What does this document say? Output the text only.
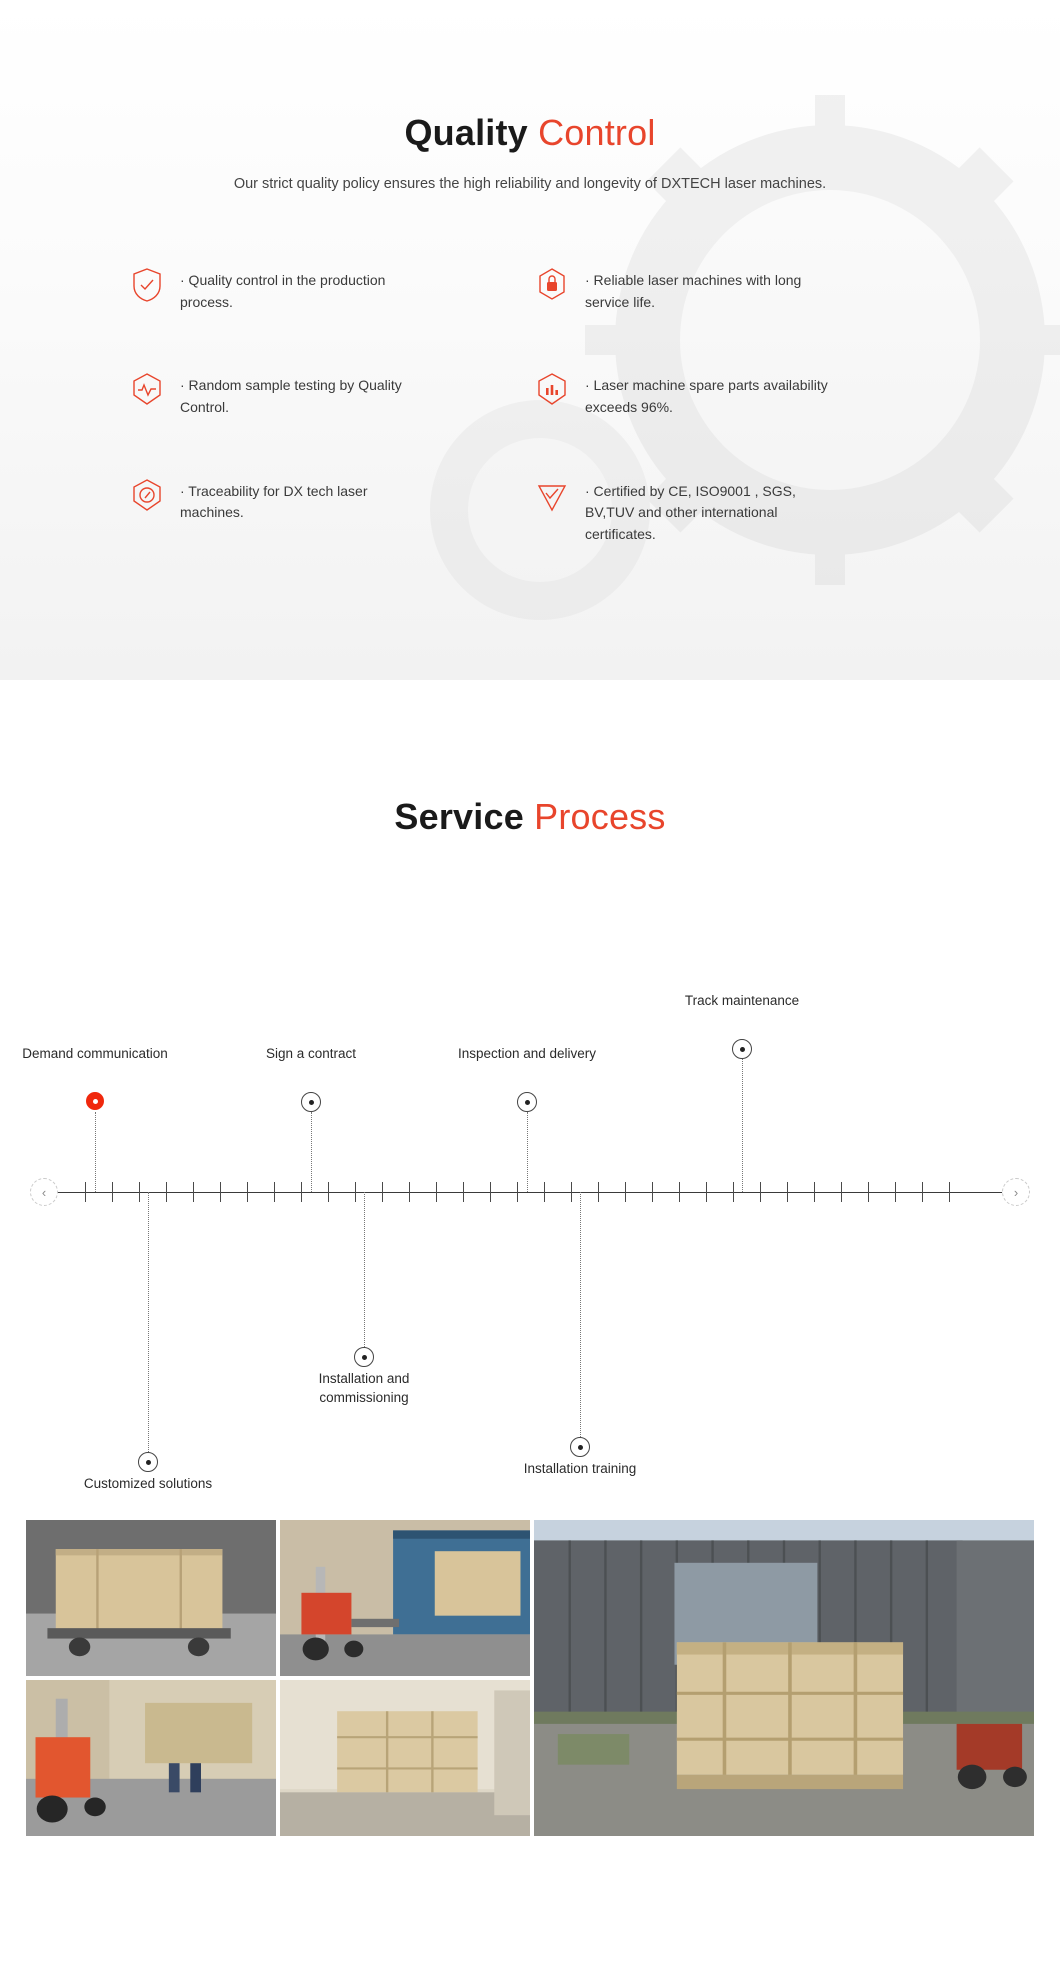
Quality Control

Our strict quality policy ensures the high reliability and longevity of DXTECH laser machines.

· Quality control in the production process.
· Reliable laser machines with long service life.
· Random sample testing by Quality Control.
· Laser machine spare parts availability exceeds 96%.
· Traceability for DX tech laser machines.
· Certified by CE, ISO9001 , SGS, BV,TUV and other international certificates.
Service Process
‹	›
Demand communication
Customized solutions
Sign a contract
Installation and commissioning
Inspection and delivery
Installation training
Track maintenance
